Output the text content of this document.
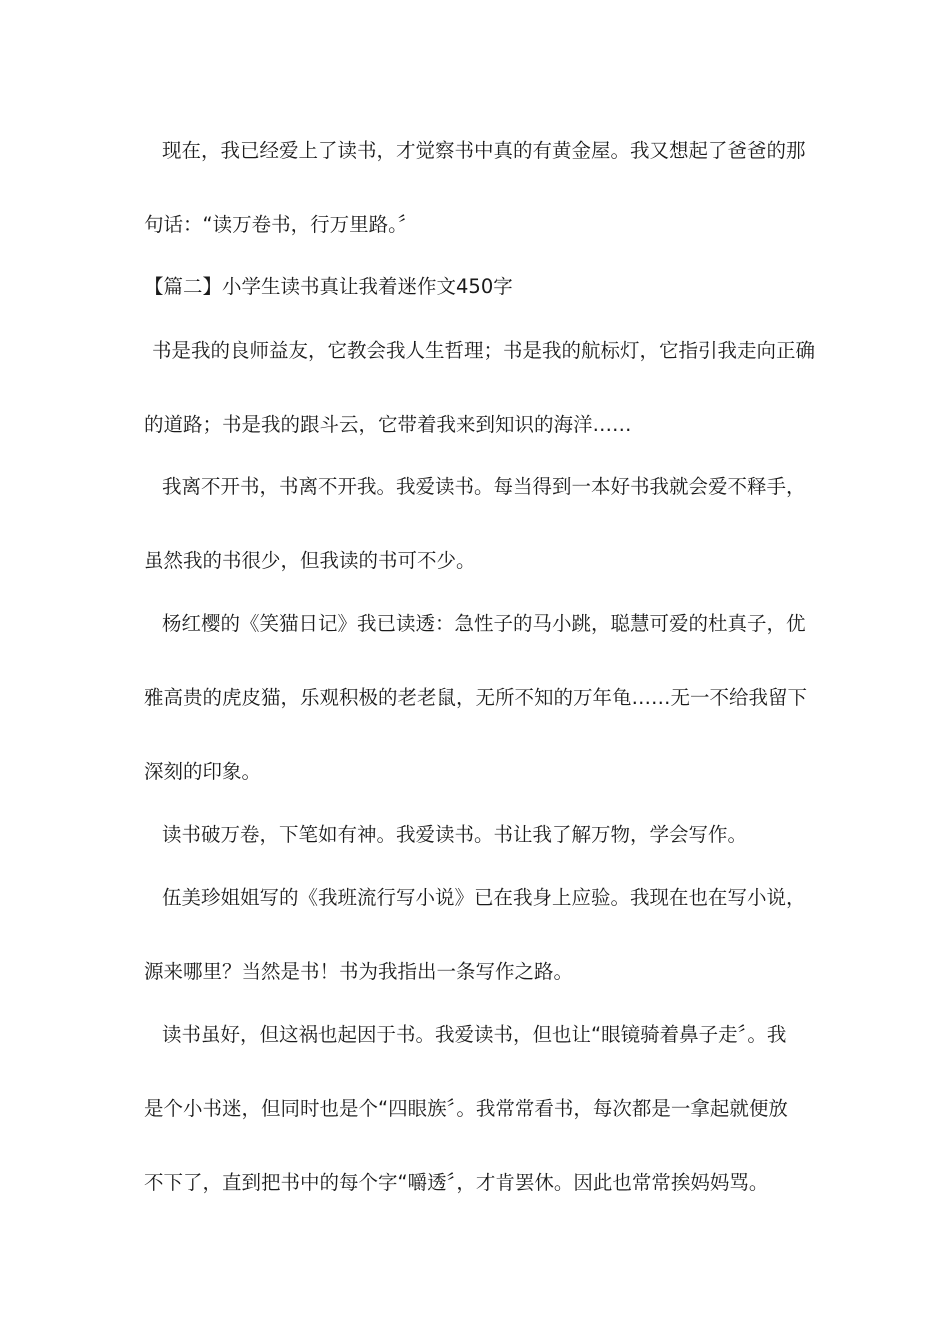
现在，我已经爱上了读书，才觉察书中真的有黄金屋。我又想起了爸爸的那
句话：“读万卷书，行万里路。〞
【篇二】小学生读书真让我着迷作文450字
书是我的良师益友，它教会我人生哲理；书是我的航标灯，它指引我走向正确
的道路；书是我的跟斗云，它带着我来到知识的海洋……
我离不开书，书离不开我。我爱读书。每当得到一本好书我就会爱不释手，
虽然我的书很少，但我读的书可不少。
杨红樱的《笑猫日记》我已读透：急性子的马小跳，聪慧可爱的杜真子，优
雅高贵的虎皮猫，乐观积极的老老鼠，无所不知的万年龟……无一不给我留下
深刻的印象。
读书破万卷，下笔如有神。我爱读书。书让我了解万物，学会写作。
伍美珍姐姐写的《我班流行写小说》已在我身上应验。我现在也在写小说，
源来哪里？当然是书！书为我指出一条写作之路。
读书虽好，但这祸也起因于书。我爱读书，但也让“眼镜骑着鼻子走〞。我
是个小书迷，但同时也是个“四眼族〞。我常常看书，每次都是一拿起就便放
不下了，直到把书中的每个字“嚼透〞，才肯罢休。因此也常常挨妈妈骂。
